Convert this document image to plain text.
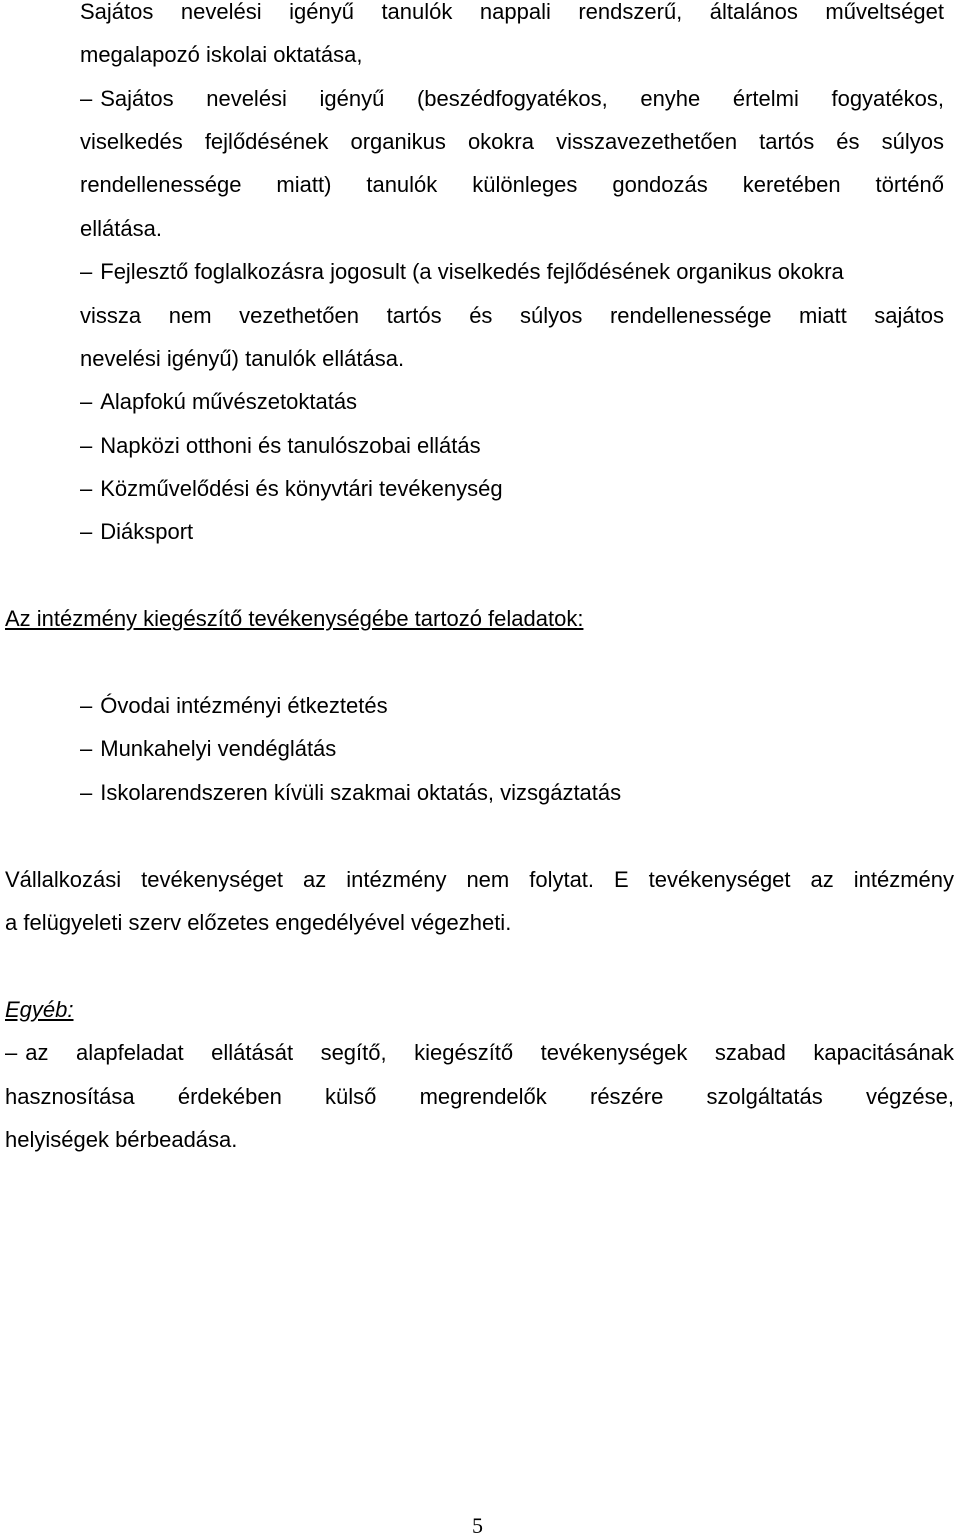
Sajátos nevelési igényű tanulók nappali rendszerű, általános műveltséget
megalapozó iskolai oktatása,
– Sajátos nevelési igényű (beszédfogyatékos, enyhe értelmi fogyatékos,
viselkedés fejlődésének organikus okokra visszavezethetően tartós és súlyos
rendellenessége miatt) tanulók különleges gondozás keretében történő
ellátása.
– Fejlesztő foglalkozásra jogosult (a viselkedés fejlődésének organikus okokra
vissza nem vezethetően tartós és súlyos rendellenessége miatt sajátos
nevelési igényű) tanulók ellátása.
– Alapfokú művészetoktatás
– Napközi otthoni és tanulószobai ellátás
– Közművelődési és könyvtári tevékenység
– Diáksport
Az intézmény kiegészítő tevékenységébe tartozó feladatok:
– Óvodai intézményi étkeztetés
– Munkahelyi vendéglátás
– Iskolarendszeren kívüli szakmai oktatás, vizsgáztatás
Vállalkozási tevékenységet az intézmény nem folytat. E tevékenységet az intézmény
a felügyeleti szerv előzetes engedélyével végezheti.
Egyéb:
– az alapfeladat ellátását segítő, kiegészítő tevékenységek szabad kapacitásának
hasznosítása érdekében külső megrendelők részére szolgáltatás végzése,
helyiségek bérbeadása.
5
